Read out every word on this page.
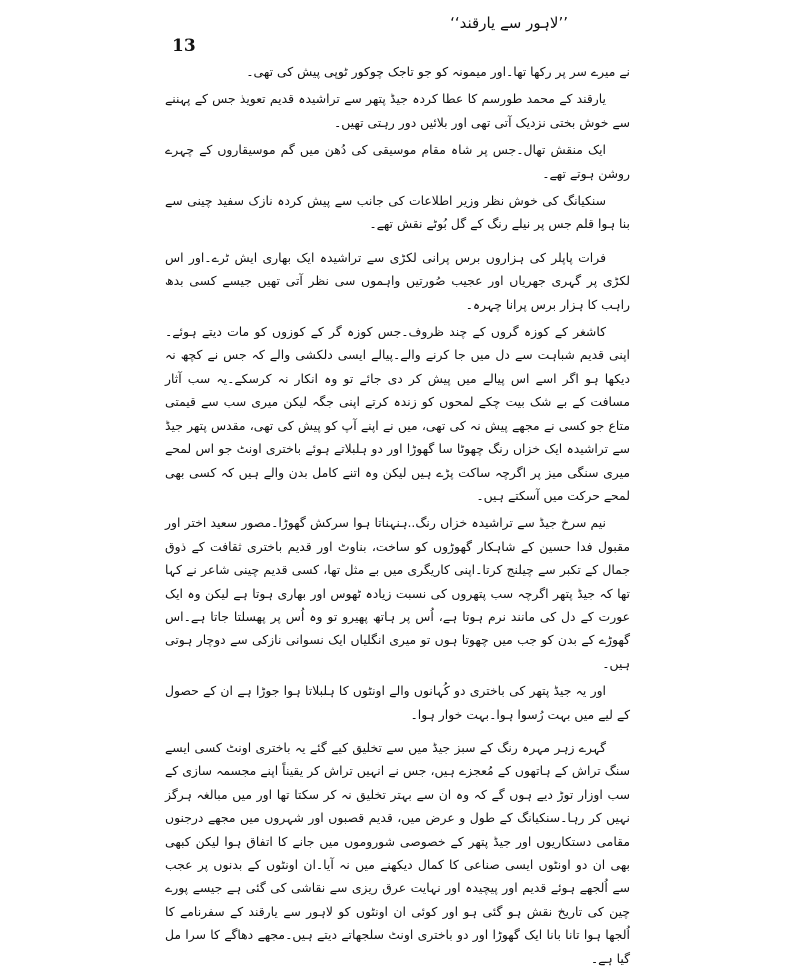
’’لاہور سے یارقند‘‘
13

نے میرے سر پر رکھا تھا۔اور میمونہ کو جو تاجک چوکور ٹوپی پیش کی تھی۔

یارقند کے محمد طورسم کا عطا کردہ جیڈ پتھر سے تراشیدہ قدیم تعویذ جس کے پہننے سے خوش بختی نزدیک آتی تھی اور بلائیں دور رہتی تھیں۔

ایک منقش تھال۔جس پر شاہ مقام موسیقی کی دُھن میں گم موسیقاروں کے چہرے روشن ہوتے تھے۔

سنکیانگ کی خوش نظر وزیر اطلاعات کی جانب سے پیش کردہ نازک سفید چینی سے بنا ہوا قلم جس پر نیلے رنگ کے گل بُوٹے نقش تھے۔

فرات پاپلر کی ہزاروں برس پرانی لکڑی سے تراشیدہ ایک بھاری ایش ٹرے۔اور اس لکڑی پر گہری جھریاں اور عجیب صُورتیں واہموں سی نظر آتی تھیں جیسے کسی بدھ راہب کا ہزار برس پرانا چہرہ۔

کاشغر کے کوزہ گروں کے چند ظروف۔جس کوزہ گر کے کوزوں کو مات دیتے ہوئے۔اپنی قدیم شباہت سے دل میں جا کرنے والے۔پیالے ایسی دلکشی والے کہ جس نے کچھ نہ دیکھا ہو اگر اسے اس پیالے میں پیش کر دی جائے تو وہ انکار نہ کرسکے۔یہ سب آثار مسافت کے بے شک بیت چکے لمحوں کو زندہ کرتے اپنی جگہ لیکن میری سب سے قیمتی متاع جو کسی نے مجھے پیش نہ کی تھی، میں نے اپنے آپ کو پیش کی تھی، مقدس پتھر جیڈ سے تراشیدہ ایک خزاں رنگ چھوٹا سا گھوڑا اور دو ہلبلاتے ہوئے باختری اونٹ جو اس لمحے میری سنگی میز پر اگرچہ ساکت پڑے ہیں لیکن وہ اتنے کامل بدن والے ہیں کہ کسی بھی لمحے حرکت میں آسکتے ہیں۔

نیم سرخ جیڈ سے تراشیدہ خزاں رنگ..ہنہناتا ہوا سرکش گھوڑا۔مصور سعید اختر اور مقبول فدا حسین کے شاہکار گھوڑوں کو ساخت، بناوٹ اور قدیم باختری ثقافت کے ذوق جمال کے تکبر سے چیلنج کرتا۔اپنی کاریگری میں بے مثل تھا، کسی قدیم چینی شاعر نے کہا تھا کہ جیڈ پتھر اگرچہ سب پتھروں کی نسبت زیادہ ٹھوس اور بھاری ہوتا ہے لیکن وہ ایک عورت کے دل کی مانند نرم ہوتا ہے، اُس پر ہاتھ پھیرو تو وہ اُس پر پھسلتا جاتا ہے۔اس گھوڑے کے بدن کو جب میں چھوتا ہوں تو میری انگلیاں ایک نسوانی نازکی سے دوچار ہوتی ہیں۔

اور یہ جیڈ پتھر کی باختری دو کُہانوں والے اونٹوں کا ہلبلاتا ہوا جوڑا ہے ان کے حصول کے لیے میں بہت رُسوا ہوا۔بہت خوار ہوا۔

گہرے زہر مہرہ رنگ کے سبز جیڈ میں سے تخلیق کیے گئے یہ باختری اونٹ کسی ایسے سنگ تراش کے ہاتھوں کے مُعجزے ہیں، جس نے انہیں تراش کر یقیناً اپنے مجسمہ سازی کے سب اوزار توڑ دیے ہوں گے کہ وہ ان سے بہتر تخلیق نہ کر سکتا تھا اور میں مبالغہ ہرگز نہیں کر رہا۔سنکیانگ کے طول و عرض میں، قدیم قصبوں اور شہروں میں مجھے درجنوں مقامی دستکاریوں اور جیڈ پتھر کے خصوصی شوروموں میں جانے کا اتفاق ہوا لیکن کبھی بھی ان دو اونٹوں ایسی صناعی کا کمال دیکھنے میں نہ آیا۔ان اونٹوں کے بدنوں پر عجب سے اُلجھے ہوئے قدیم اور پیچیدہ اور نہایت عرق ریزی سے نقاشی کی گئی ہے جیسے پورے چین کی تاریخ نقش ہو گئی ہو اور کوئی ان اونٹوں کو لاہور سے یارقند کے سفرنامے کا اُلجھا ہوا تانا بانا ایک گھوڑا اور دو باختری اونٹ سلجھاتے دیتے ہیں۔مجھے دھاگے کا سرا مل گیا ہے۔
